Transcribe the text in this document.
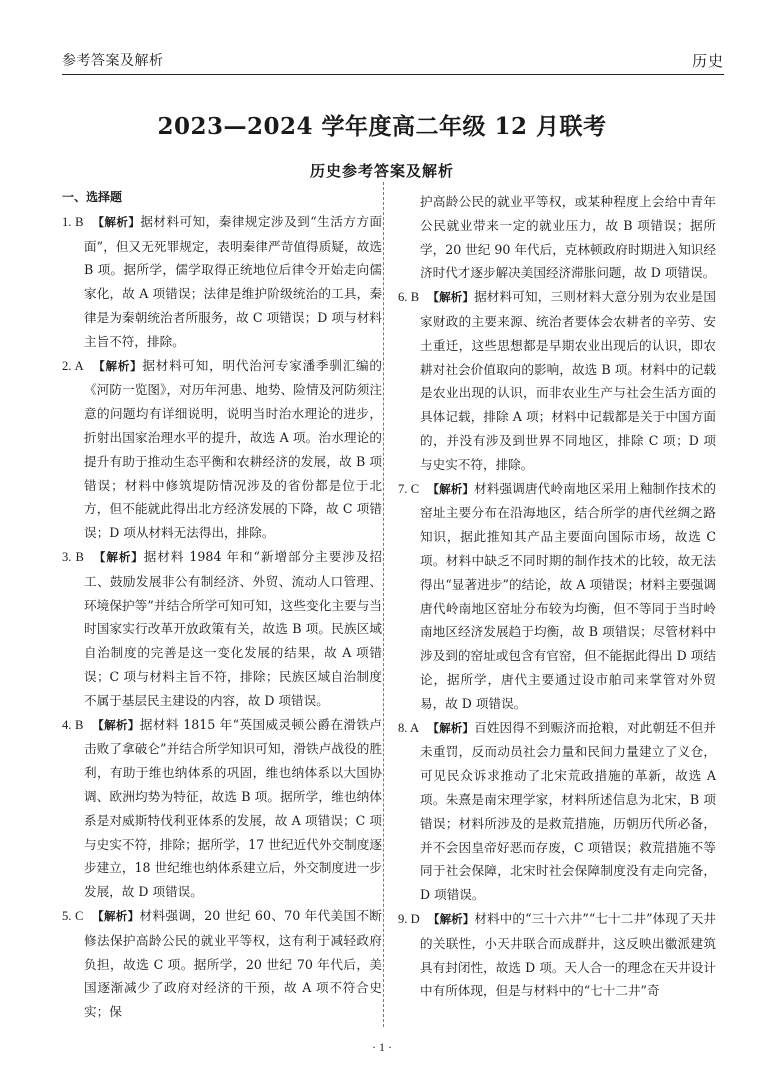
参考答案及解析	历史
2023—2024 学年度高二年级 12 月联考
历史参考答案及解析
一、选择题

1. B 【解析】据材料可知，秦律规定涉及到“生活方方面面”，但又无死罪规定，表明秦律严苛值得质疑，故选 B 项。据所学，儒学取得正统地位后律令开始走向儒家化，故 A 项错误；法律是维护阶级统治的工具，秦律是为秦朝统治者所服务，故 C 项错误；D 项与材料主旨不符，排除。

2. A 【解析】据材料可知，明代治河专家潘季驯汇编的《河防一览图》，对历年河患、地势、险情及河防须注意的问题均有详细说明，说明当时治水理论的进步，折射出国家治理水平的提升，故选 A 项。治水理论的提升有助于推动生态平衡和农耕经济的发展，故 B 项错误；材料中修筑堤防情况涉及的省份都是位于北方，但不能就此得出北方经济发展的下降，故 C 项错误；D 项从材料无法得出，排除。

3. B 【解析】据材料 1984 年和“新增部分主要涉及招工、鼓励发展非公有制经济、外贸、流动人口管理、环境保护等”并结合所学可知可知，这些变化主要与当时国家实行改革开放政策有关，故选 B 项。民族区域自治制度的完善是这一变化发展的结果，故 A 项错误；C 项与材料主旨不符，排除；民族区域自治制度不属于基层民主建设的内容，故 D 项错误。

4. B 【解析】据材料 1815 年“英国威灵顿公爵在滑铁卢击败了拿破仑”并结合所学知识可知，滑铁卢战役的胜利，有助于维也纳体系的巩固，维也纳体系以大国协调、欧洲均势为特征，故选 B 项。据所学，维也纳体系是对威斯特伐利亚体系的发展，故 A 项错误；C 项与史实不符，排除；据所学，17 世纪近代外交制度逐步建立，18 世纪维也纳体系建立后，外交制度进一步发展，故 D 项错误。

5. C 【解析】材料强调，20 世纪 60、70 年代美国不断修法保护高龄公民的就业平等权，这有利于减轻政府负担，故选 C 项。据所学，20 世纪 70 年代后，美国逐渐减少了政府对经济的干预，故 A 项不符合史实；保

护高龄公民的就业平等权，或某种程度上会给中青年公民就业带来一定的就业压力，故 B 项错误；据所学，20 世纪 90 年代后，克林顿政府时期进入知识经济时代才逐步解决美国经济滞胀问题，故 D 项错误。

6. B 【解析】据材料可知，三则材料大意分别为农业是国家财政的主要来源、统治者要体会农耕者的辛劳、安土重迁，这些思想都是早期农业出现后的认识，即农耕对社会价值取向的影响，故选 B 项。材料中的记载是农业出现的认识，而非农业生产与社会生活方面的具体记载，排除 A 项；材料中记载都是关于中国方面的，并没有涉及到世界不同地区，排除 C 项；D 项与史实不符，排除。

7. C 【解析】材料强调唐代岭南地区采用上釉制作技术的窑址主要分布在沿海地区，结合所学的唐代丝绸之路知识，据此推知其产品主要面向国际市场，故选 C 项。材料中缺乏不同时期的制作技术的比较，故无法得出“显著进步”的结论，故 A 项错误；材料主要强调唐代岭南地区窑址分布较为均衡，但不等同于当时岭南地区经济发展趋于均衡，故 B 项错误；尽管材料中涉及到的窑址或包含有官窑，但不能据此得出 D 项结论，据所学，唐代主要通过设市舶司来掌管对外贸易，故 D 项错误。

8. A 【解析】百姓因得不到赈济而抢粮，对此朝廷不但并未重罚，反而动员社会力量和民间力量建立了义仓，可见民众诉求推动了北宋荒政措施的革新，故选 A 项。朱熹是南宋理学家，材料所述信息为北宋，B 项错误；材料所涉及的是救荒措施，历朝历代所必备，并不会因皇帝好恶而存废，C 项错误；救荒措施不等同于社会保障，北宋时社会保障制度没有走向完备，D 项错误。

9. D 【解析】材料中的“三十六井”“七十二井”体现了天井的关联性，小天井联合而成群井，这反映出徽派建筑具有封闭性，故选 D 项。天人合一的理念在天井设计中有所体现，但是与材料中的“七十二井”奇

· 1 ·
